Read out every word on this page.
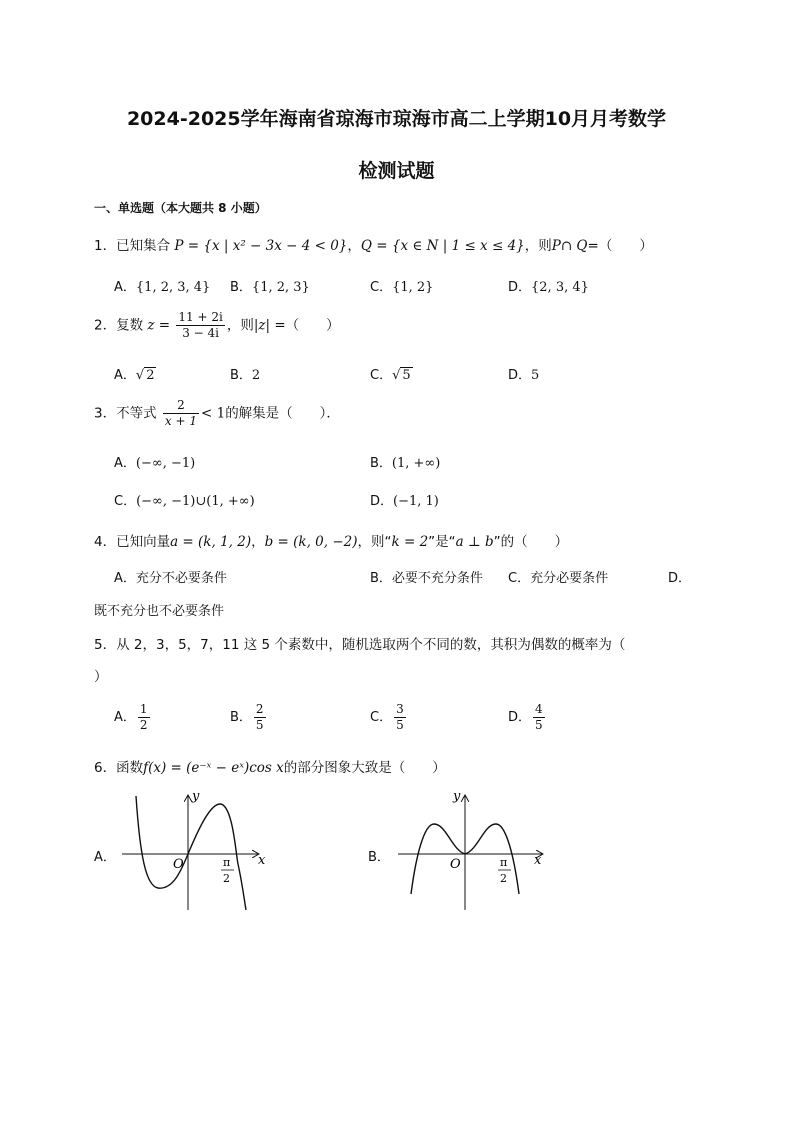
2024-2025学年海南省琼海市琼海市高二上学期10月月考数学
检测试题
一、单选题（本大题共 8 小题）
1．已知集合 P = {x | x² − 3x − 4 < 0}，Q = {x ∈ N | 1 ≤ x ≤ 4}，则P∩ Q=（　　）
A．{1, 2, 3, 4} B．{1, 2, 3}	C．{1, 2}	D．{2, 3, 4}
2．复数 $z = \frac{11 + 2i}{3 - 4i}$ ，则|z| =（　　）
A．√ 2	B．2	C．√ 5	D．5
3．不等式 $\frac{2}{x + 1} < 1$的解集是（　　）．
A．(−∞, −1)	B．(1, +∞)
C．(−∞, −1)∪(1, +∞)	D．(−1, 1)
4．已知向量a = (k, 1, 2)，b = (k, 0, −2)，则“k = 2”是“a ⊥ b”的（　　）
A．充分不必要条件	B．必要不充分条件 C．充分必要条件	D．
既不充分也不必要条件
5．从 2，3，5，7，11 这 5 个素数中，随机选取两个不同的数，其积为偶数的概率为（
）
A． $\frac{1}{2}$	B． $\frac{2}{5}$	C． $\frac{3}{5}$	D． $\frac{4}{5}$
6．函数f(x) = (e⁻ˣ − eˣ)cos x的部分图象大致是（　　）
A．
y
x
O	π
2
B．
y
x
O	π
2
